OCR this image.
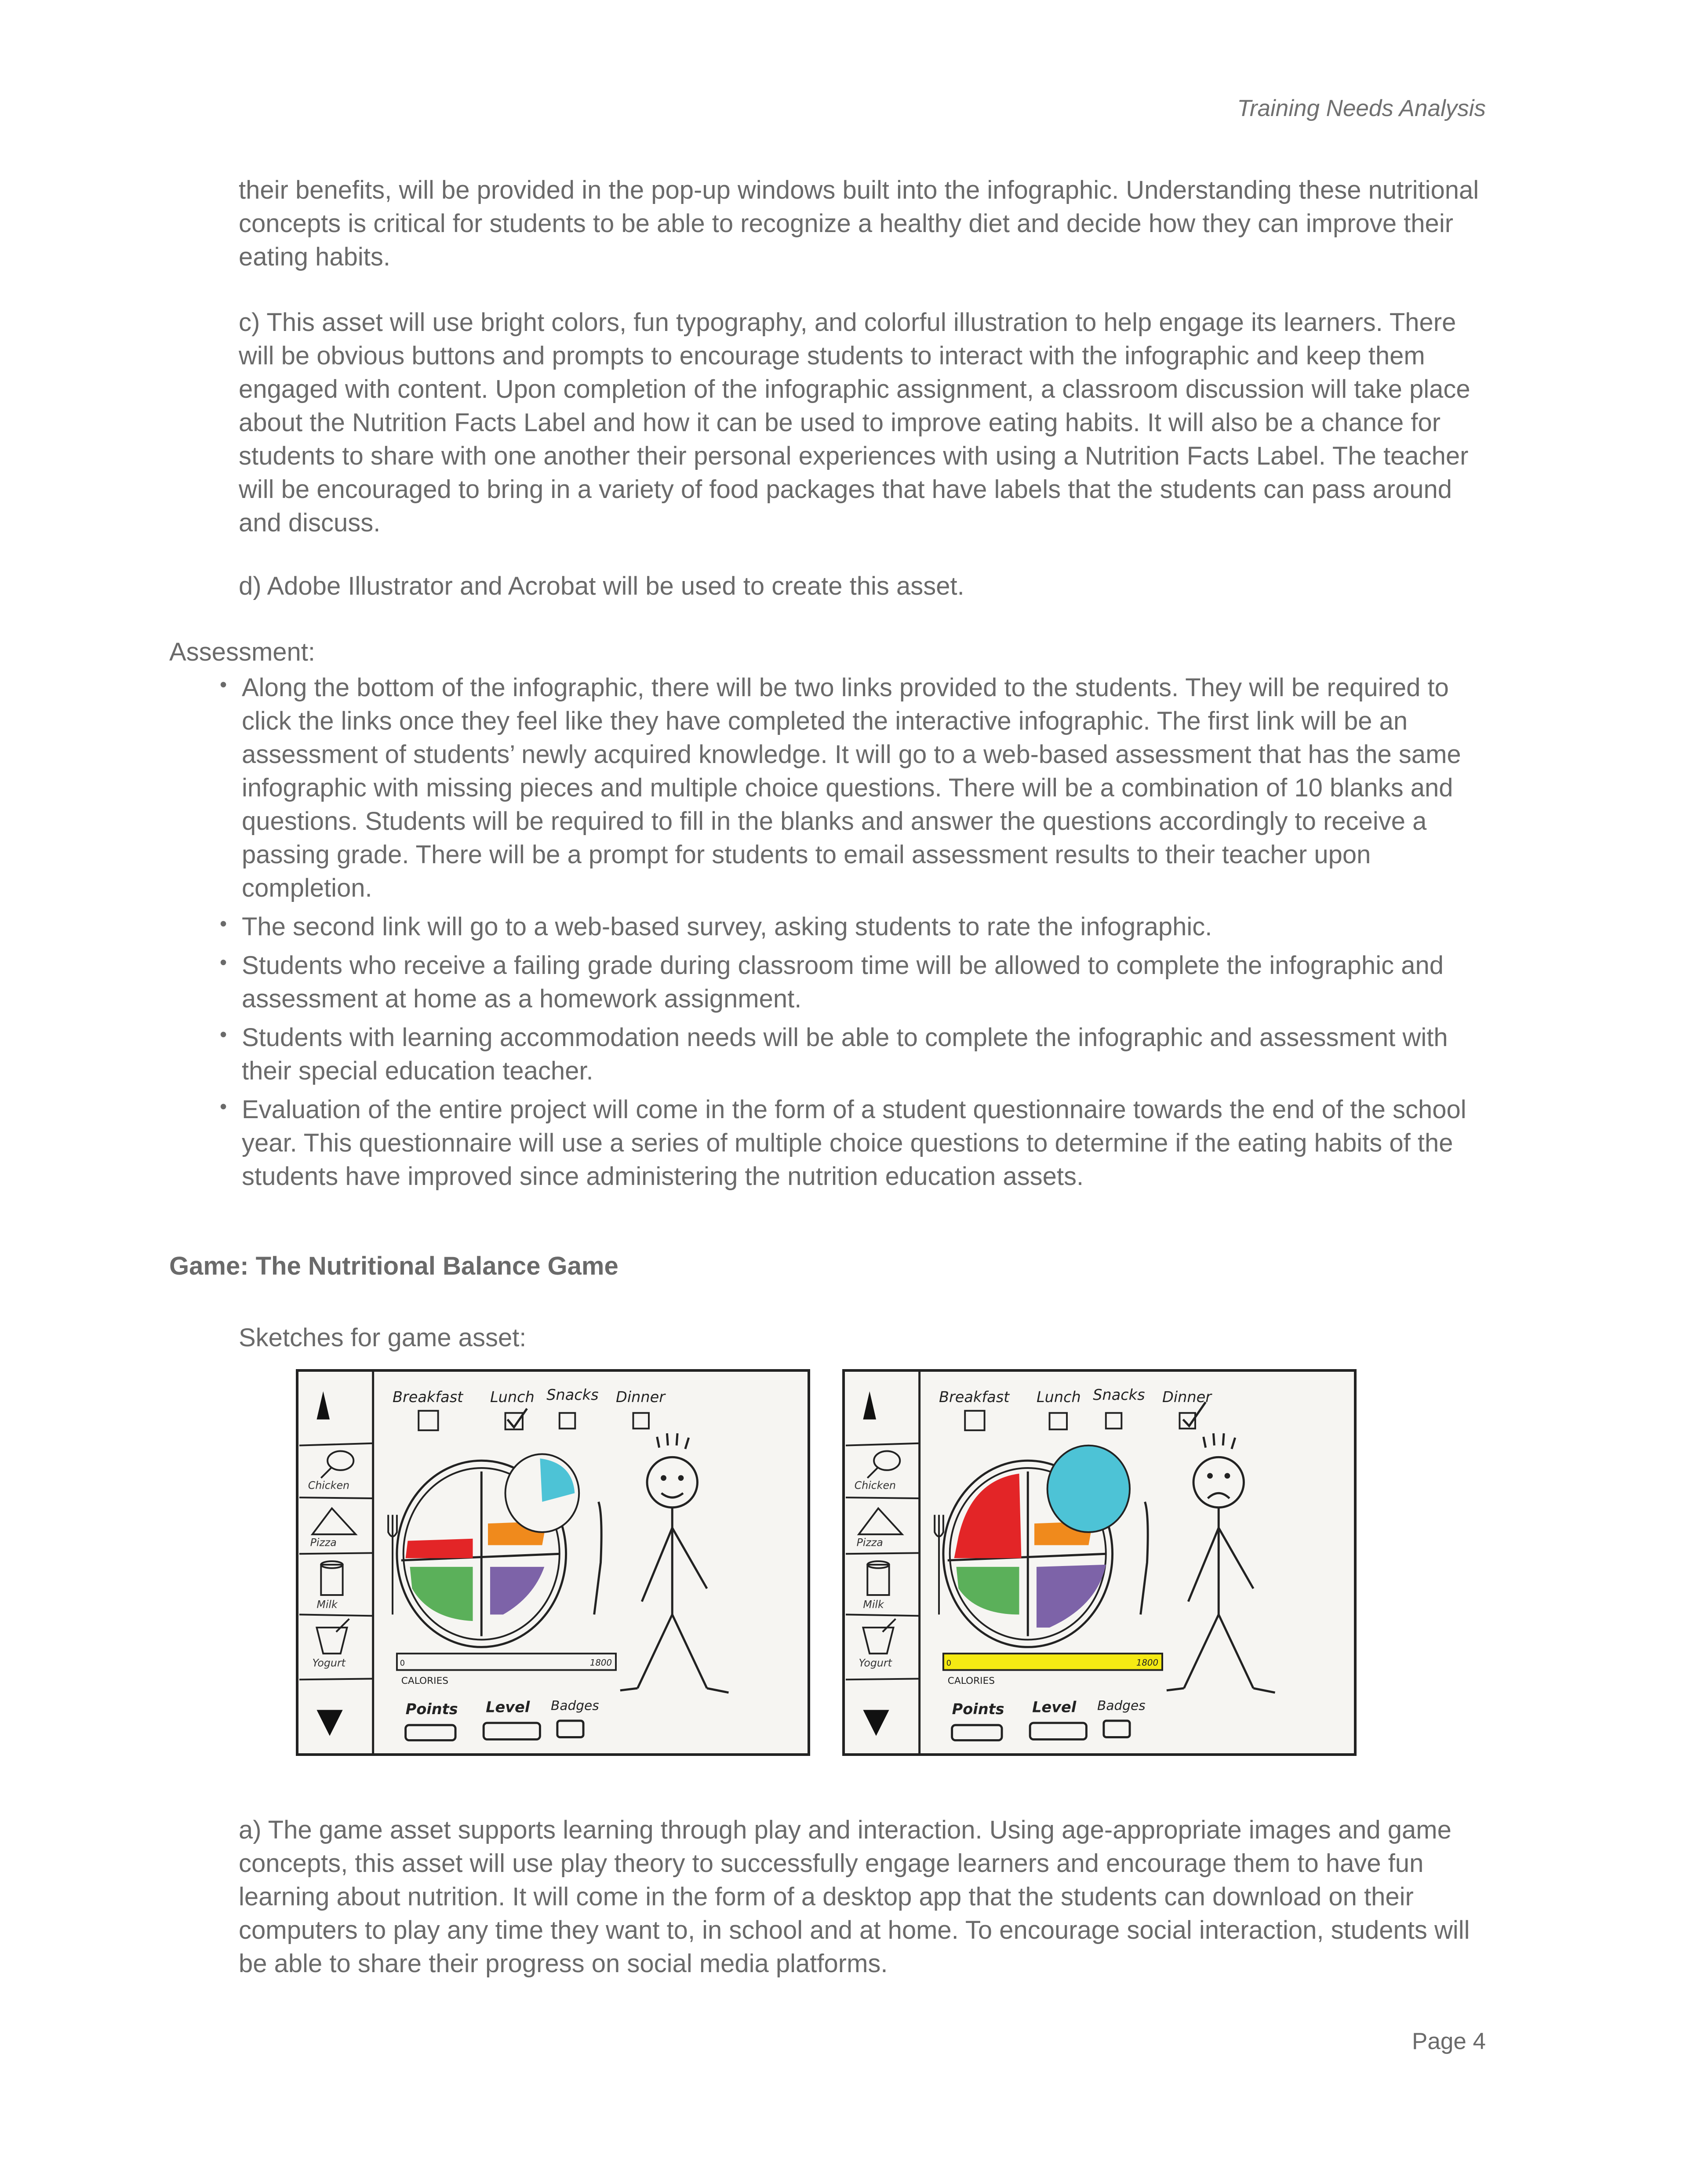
Training Needs Analysis
their benefits, will be provided in the pop-up windows built into the infographic. Understanding these nutritional concepts is critical for students to be able to recognize a healthy diet and decide how they can improve their eating habits.
c) This asset will use bright colors, fun typography, and colorful illustration to help engage its learners. There will be obvious buttons and prompts to encourage students to interact with the infographic and keep them engaged with content. Upon completion of the infographic assignment, a classroom discussion will take place about the Nutrition Facts Label and how it can be used to improve eating habits. It will also be a chance for students to share with one another their personal experiences with using a Nutrition Facts Label. The teacher will be encouraged to bring in a variety of food packages that have labels that the students can pass around and discuss.
d) Adobe Illustrator and Acrobat will be used to create this asset.
Assessment:
• Along the bottom of the infographic, there will be two links provided to the students. They will be required to click the links once they feel like they have completed the interactive infographic. The first link will be an assessment of students’ newly acquired knowledge. It will go to a web-based assessment that has the same infographic with missing pieces and multiple choice questions. There will be a combination of 10 blanks and questions. Students will be required to fill in the blanks and answer the questions accordingly to receive a passing grade. There will be a prompt for students to email assessment results to their teacher upon completion.
• The second link will go to a web-based survey, asking students to rate the infographic.
• Students who receive a failing grade during classroom time will be allowed to complete the infographic and assessment at home as a homework assignment.
• Students with learning accommodation needs will be able to complete the infographic and assessment with their special education teacher.
• Evaluation of the entire project will come in the form of a student questionnaire towards the end of the school year. This questionnaire will use a series of multiple choice questions to determine if the eating habits of the students have improved since administering the nutrition education assets.
Game: The Nutritional Balance Game
Sketches for game asset:
Chicken
Pizza
Milk
Yogurt
Breakfast Lunch Snacks Dinner
0	1800
CALORIES
Points Level Badges
Chicken
Pizza
Milk
Yogurt
Breakfast Lunch Snacks Dinner
0	1800
CALORIES
Points Level Badges
a) The game asset supports learning through play and interaction. Using age-appropriate images and game concepts, this asset will use play theory to successfully engage learners and encourage them to have fun learning about nutrition. It will come in the form of a desktop app that the students can download on their computers to play any time they want to, in school and at home. To encourage social interaction, students will be able to share their progress on social media platforms.
Page 4
